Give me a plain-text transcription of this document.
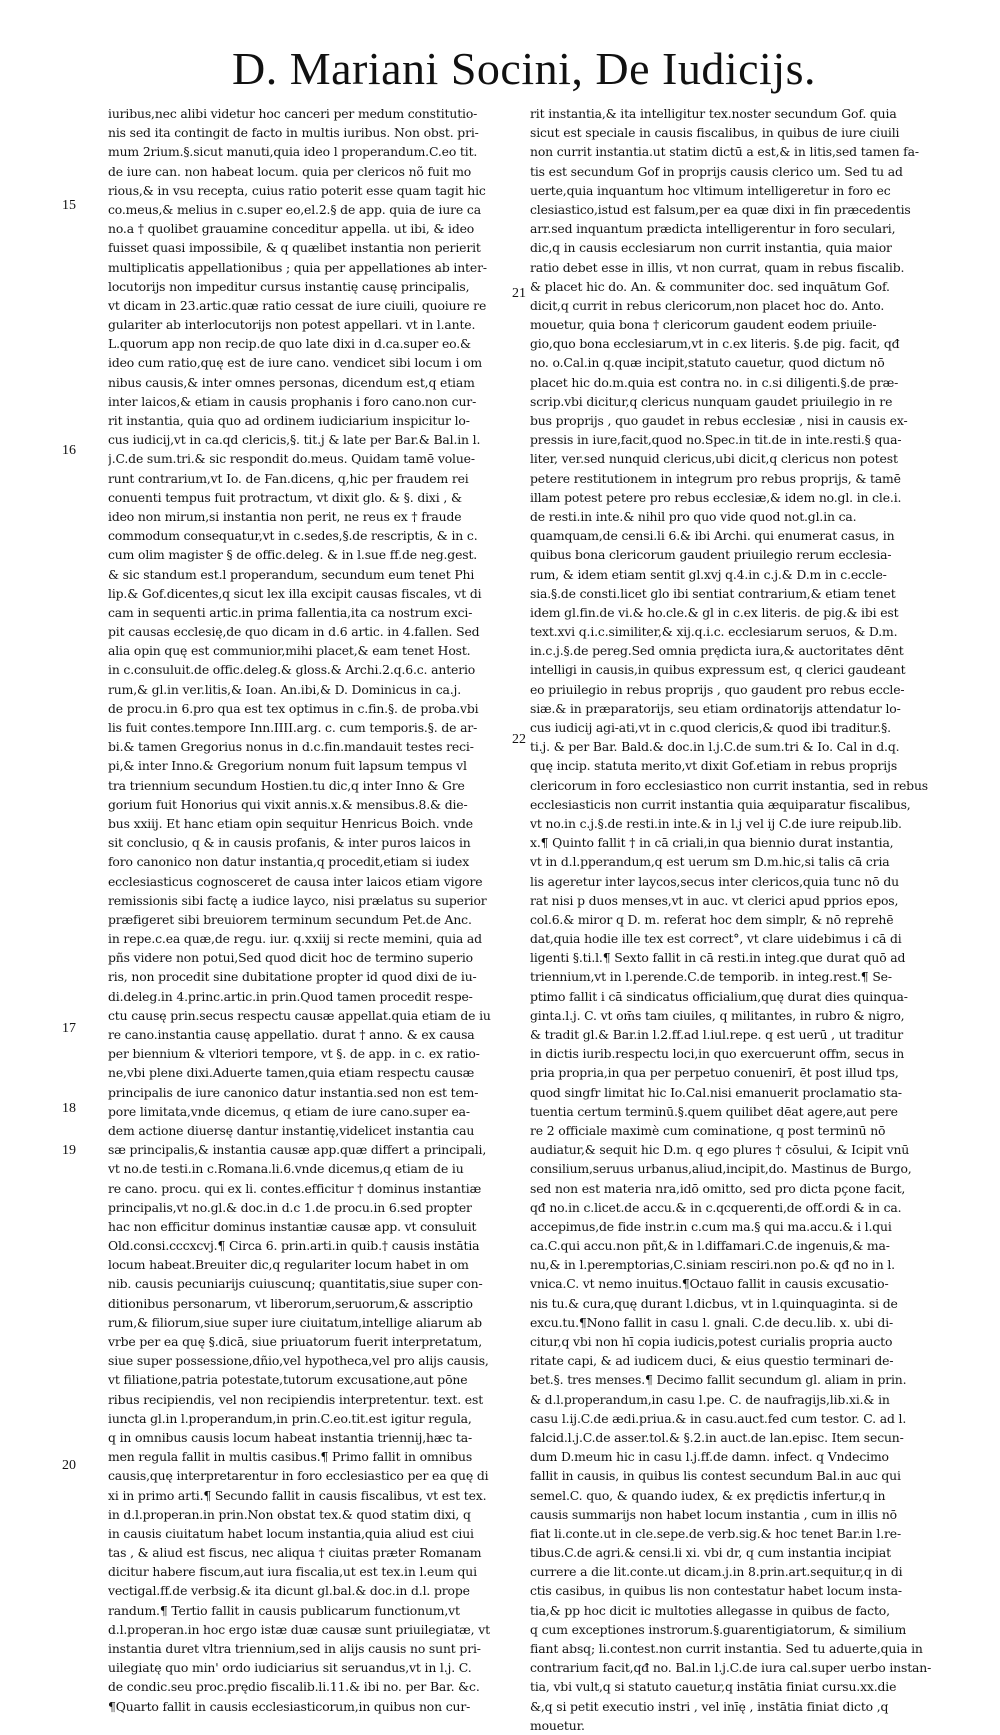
D. Mariani Socini, De Iudicijs.
iuribus,nec alibi videtur hoc canceri per medum constitutio-
nis sed ita contingit de facto in multis iuribus. Non obst. pri-
mum 2rium.§.sicut manuti,quia ideo l properandum.C.eo tit.
de iure can. non habeat locum. quia per clericos nõ fuit mo
rious,& in vsu recepta, cuius ratio poterit esse quam tagit hic
co.meus,& melius in c.super eo,el.2.§ de app. quia de iure ca
no.a † quolibet grauamine conceditur appella. ut ibi, & ideo
fuisset quasi impossibile, & q quælibet instantia non perierit
multiplicatis appellationibus ; quia per appellationes ab inter-
locutorijs non impeditur cursus instantię causę principalis,
vt dicam in 23.artic.quæ ratio cessat de iure ciuili, quoiure re
gulariter ab interlocutorijs non potest appellari. vt in l.ante.
L.quorum app non recip.de quo late dixi in d.ca.super eo.&
ideo cum ratio,quę est de iure cano. vendicet sibi locum i om
nibus causis,& inter omnes personas, dicendum est,q etiam
inter laicos,& etiam in causis prophanis i foro cano.non cur-
rit instantia, quia quo ad ordinem iudiciarium inspicitur lo-
cus iudicij,vt in ca.qd clericis,§. tit.j & late per Bar.& Bal.in l.
j.C.de sum.tri.& sic respondit do.meus. Quidam tamē volue-
runt contrarium,vt Io. de Fan.dicens, q,hic per fraudem rei
conuenti tempus fuit protractum, vt dixit glo. & §. dixi , &
ideo non mirum,si instantia non perit, ne reus ex † fraude
commodum consequatur,vt in c.sedes,§.de rescriptis, & in c.
cum olim magister § de offic.deleg. & in l.sue ff.de neg.gest.
& sic standum est.l properandum, secundum eum tenet Phi
lip.& Gof.dicentes,q sicut lex illa excipit causas fiscales, vt di
cam in sequenti artic.in prima fallentia,ita ca nostrum exci-
pit causas ecclesię,de quo dicam in d.6 artic. in 4.fallen. Sed
alia opin quę est communior,mihi placet,& eam tenet Host.
in c.consuluit.de offic.deleg.& gloss.& Archi.2.q.6.c. anterio
rum,& gl.in ver.litis,& Ioan. An.ibi,& D. Dominicus in ca.j.
de procu.in 6.pro qua est tex optimus in c.fin.§. de proba.vbi
lis fuit contes.tempore Inn.IIII.arg. c. cum temporis.§. de ar-
bi.& tamen Gregorius nonus in d.c.fin.mandauit testes reci-
pi,& inter Inno.& Gregorium nonum fuit lapsum tempus vl
tra triennium secundum Hostien.tu dic,q inter Inno & Gre
gorium fuit Honorius qui vixit annis.x.& mensibus.8.& die-
bus xxiij. Et hanc etiam opin sequitur Henricus Boich. vnde
sit conclusio, q & in causis profanis, & inter puros laicos in
foro canonico non datur instantia,q procedit,etiam si iudex
ecclesiasticus cognosceret de causa inter laicos etiam vigore
remissionis sibi factę a iudice layco, nisi prælatus su superior
præfigeret sibi breuiorem terminum secundum Pet.de Anc.
in repe.c.ea quæ,de regu. iur. q.xxiij si recte memini, quia ad
pñs videre non potui,Sed quod dicit hoc de termino superio
ris, non procedit sine dubitatione propter id quod dixi de iu-
di.deleg.in 4.princ.artic.in prin.Quod tamen procedit respe-
ctu causę prin.secus respectu causæ appellat.quia etiam de iu
re cano.instantia causę appellatio. durat † anno. & ex causa
per biennium & vlteriori tempore, vt §. de app. in c. ex ratio-
ne,vbi plene dixi.Aduerte tamen,quia etiam respectu causæ
principalis de iure canonico datur instantia.sed non est tem-
pore limitata,vnde dicemus, q etiam de iure cano.super ea-
dem actione diuersę dantur instantię,videlicet instantia cau
sæ principalis,& instantia causæ app.quæ differt a principali,
vt no.de testi.in c.Romana.li.6.vnde dicemus,q etiam de iu
re cano. procu. qui ex li. contes.efficitur † dominus instantiæ
principalis,vt no.gl.& doc.in d.c 1.de procu.in 6.sed propter
hac non efficitur dominus instantiæ causæ app. vt consuluit
Old.consi.cccxcvj.¶ Circa 6. prin.arti.in quib.† causis instātia
locum habeat.Breuiter dic,q regulariter locum habet in om
nib. causis pecuniarijs cuiuscunq; quantitatis,siue super con-
ditionibus personarum, vt liberorum,seruorum,& asscriptio
rum,& filiorum,siue super iure ciuitatum,intellige aliarum ab
vrbe per ea quę §.dicā, siue priuatorum fuerit interpretatum,
siue super possessione,dñio,vel hypotheca,vel pro alijs causis,
vt filiatione,patria potestate,tutorum excusatione,aut pōne
ribus recipiendis, vel non recipiendis interpretentur. text. est
iuncta gl.in l.properandum,in prin.C.eo.tit.est igitur regula,
q in omnibus causis locum habeat instantia triennij,hæc ta-
men regula fallit in multis casibus.¶ Primo fallit in omnibus
causis,quę interpretarentur in foro ecclesiastico per ea quę di
xi in primo arti.¶ Secundo fallit in causis fiscalibus, vt est tex.
in d.l.properan.in prin.Non obstat tex.& quod statim dixi, q
in causis ciuitatum habet locum instantia,quia aliud est ciui
tas , & aliud est fiscus, nec aliqua † ciuitas præter Romanam
dicitur habere fiscum,aut iura fiscalia,ut est tex.in l.eum qui
vectigal.ff.de verbsig.& ita dicunt gl.bal.& doc.in d.l. prope
randum.¶ Tertio fallit in causis publicarum functionum,vt
d.l.properan.in hoc ergo istæ duæ causæ sunt priuilegiatæ, vt
instantia duret vltra triennium,sed in alijs causis no sunt pri-
uilegiatę quo min' ordo iudiciarius sit seruandus,vt in l.j. C.
de condic.seu proc.prędio fiscalib.li.11.& ibi no. per Bar. &c.
¶Quarto fallit in causis ecclesiasticorum,in quibus non cur-
rit instantia,& ita intelligitur tex.noster secundum Gof. quia
sicut est speciale in causis fiscalibus, in quibus de iure ciuili
non currit instantia.ut statim dictū a est,& in litis,sed tamen fa-
tis est secundum Gof in proprijs causis clerico um. Sed tu ad
uerte,quia inquantum hoc vltimum intelligeretur in foro ec
clesiastico,istud est falsum,per ea quæ dixi in fin præcedentis
arr.sed inquantum prædicta intelligerentur in foro seculari,
dic,q in causis ecclesiarum non currit instantia, quia maior
ratio debet esse in illis, vt non currat, quam in rebus fiscalib.
& placet hic do. An. & communiter doc. sed inquātum Gof.
dicit,q currit in rebus clericorum,non placet hoc do. Anto.
mouetur, quia bona † clericorum gaudent eodem priuile-
gio,quo bona ecclesiarum,vt in c.ex literis. §.de pig. facit, qđ
no. o.Cal.in q.quæ incipit,statuto cauetur, quod dictum nō
placet hic do.m.quia est contra no. in c.si diligenti.§.de præ-
scrip.vbi dicitur,q clericus nunquam gaudet priuilegio in re
bus proprijs , quo gaudet in rebus ecclesiæ , nisi in causis ex-
pressis in iure,facit,quod no.Spec.in tit.de in inte.resti.§ qua-
liter, ver.sed nunquid clericus,ubi dicit,q clericus non potest
petere restitutionem in integrum pro rebus proprijs, & tamē
illam potest petere pro rebus ecclesiæ,& idem no.gl. in cle.i.
de resti.in inte.& nihil pro quo vide quod not.gl.in ca.
quamquam,de censi.li 6.& ibi Archi. qui enumerat casus, in
quibus bona clericorum gaudent priuilegio rerum ecclesia-
rum, & idem etiam sentit gl.xvj q.4.in c.j.& D.m in c.eccle-
sia.§.de consti.licet glo ibi sentiat contrarium,& etiam tenet
idem gl.fin.de vi.& ho.cle.& gl in c.ex literis. de pig.& ibi est
text.xvi q.i.c.similiter,& xij.q.i.c. ecclesiarum seruos, & D.m.
in.c.j.§.de pereg.Sed omnia prędicta iura,& auctoritates dēnt
intelligi in causis,in quibus expressum est, q clerici gaudeant
eo priuilegio in rebus proprijs , quo gaudent pro rebus eccle-
siæ.& in præparatorijs, seu etiam ordinatorijs attendatur lo-
cus iudicij agi-ati,vt in c.quod clericis,& quod ibi traditur.§.
ti.j. & per Bar. Bald.& doc.in l.j.C.de sum.tri & Io. Cal in d.q.
quę incip. statuta merito,vt dixit Gof.etiam in rebus proprijs
clericorum in foro ecclesiastico non currit instantia, sed in rebus
ecclesiasticis non currit instantia quia æquiparatur fiscalibus,
vt no.in c.j.§.de resti.in inte.& in l.j vel ij C.de iure reipub.lib.
x.¶ Quinto fallit † in cā criali,in qua biennio durat instantia,
vt in d.l.pperandum,q est uerum sm D.m.hic,si talis cā cria
lis ageretur inter laycos,secus inter clericos,quia tunc nō du
rat nisi p duos menses,vt in auc. vt clerici apud pprios epos,
col.6.& miror q D. m. referat hoc dem simplr, & nō reprehē
dat,quia hodie ille tex est correct°, vt clare uidebimus i cā di
ligenti §.ti.l.¶ Sexto fallit in cā resti.in integ.que durat quō ad
triennium,vt in l.perende.C.de temporib. in integ.rest.¶ Se-
ptimo fallit i cā sindicatus officialium,quę durat dies quinqua-
ginta.l.j. C. vt om̄s tam ciuiles, q militantes, in rubro & nigro,
& tradit gl.& Bar.in l.2.ff.ad l.iul.repe. q est uerū , ut traditur
in dictis iurib.respectu loci,in quo exercuerunt offm, secus in
pria propria,in qua per perpetuo conuenirī, ēt post illud tps,
quod singfr limitat hic Io.Cal.nisi emanuerit proclamatio sta-
tuentia certum terminū.§.quem quilibet dēat agere,aut pere
re 2 officiale maximè cum cominatione, q post terminū nō
audiatur,& sequit hic D.m. q ego plures † cōsului, & Icipit vnū
consilium,seruus urbanus,aliud,incipit,do. Mastinus de Burgo,
sed non est materia nra,idō omitto, sed pro dicta pçone facit,
qđ no.in c.licet.de accu.& in c.qcquerenti,de off.ordi & in ca.
accepimus,de fide instr.in c.cum ma.§ qui ma.accu.& i l.qui
ca.C.qui accu.non pñt,& in l.diffamari.C.de ingenuis,& ma-
nu,& in l.peremptorias,C.siniam resciri.non po.& qđ no in l.
vnica.C. vt nemo inuitus.¶Octauo fallit in causis excusatio-
nis tu.& cura,quę durant l.dicbus, vt in l.quinquaginta. si de
excu.tu.¶Nono fallit in casu l. gnali. C.de decu.lib. x. ubi di-
citur,q vbi non hī copia iudicis,potest curialis propria aucto
ritate capi, & ad iudicem duci, & eius questio terminari de-
bet.§. tres menses.¶ Decimo fallit secundum gl. aliam in prin.
& d.l.properandum,in casu l.pe. C. de naufragijs,lib.xi.& in
casu l.ij.C.de ædi.priua.& in casu.auct.fed cum testor. C. ad l.
falcid.l.j.C.de asser.tol.& §.2.in auct.de lan.episc. Item secun-
dum D.meum hic in casu l.j.ff.de damn. infect. q Vndecimo
fallit in causis, in quibus lis contest secundum Bal.in auc qui
semel.C. quo, & quando iudex, & ex prędictis infertur,q in
causis summarijs non habet locum instantia , cum in illis nō
fiat li.conte.ut in cle.sepe.de verb.sig.& hoc tenet Bar.in l.re-
tibus.C.de agri.& censi.li xi. vbi dr, q cum instantia incipiat
currere a die lit.conte.ut dicam.j.in 8.prin.art.sequitur,q in di
ctis casibus, in quibus lis non contestatur habet locum insta-
tia,& pp hoc dicit ic multoties allegasse in quibus de facto,
q cum exceptiones instrorum.§.guarentigiatorum, & similium
fiant absq; li.contest.non currit instantia. Sed tu aduerte,quia in
contrarium facit,qđ no. Bal.in l.j.C.de iura cal.super uerbo instan-
tia, vbi vult,q si statuto cauetur,q instātia finiat cursu.xx.die
&,q si petit executio instri , vel inīę , instātia finiat dicto ,q
mouetur.
15
16
17
18
19
20
21
22
